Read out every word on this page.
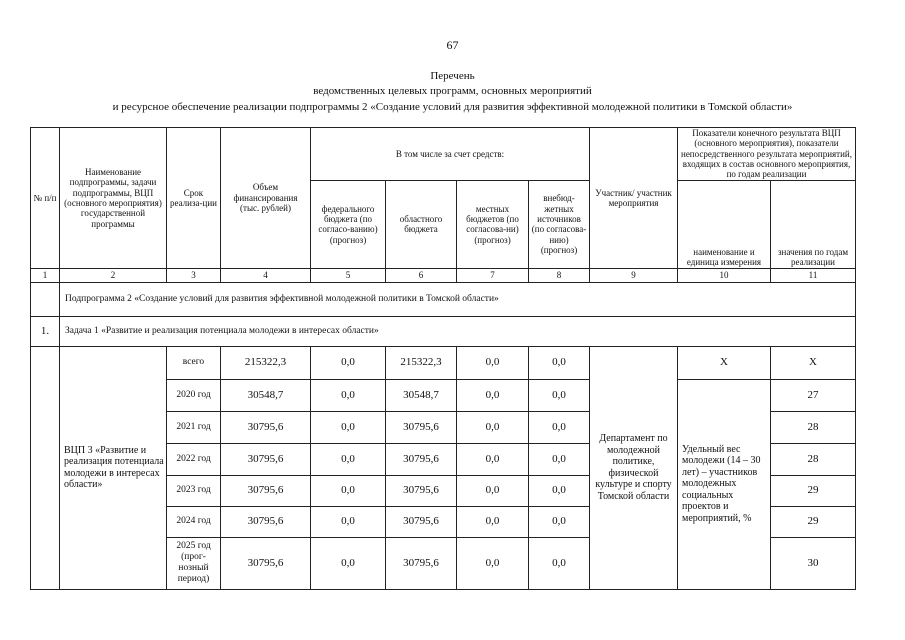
67
Перечень
ведомственных целевых программ, основных мероприятий
и ресурсное обеспечение реализации подпрограммы 2 «Создание условий для развития эффективной молодежной политики в Томской области»
№ п/п	Наименование подпрограммы, задачи подпрограммы, ВЦП (основного мероприятия) государственной программы	Срок реализа-ции	Объем финансирования (тыс. рублей)	В том числе за счет средств:				Участник/ участник мероприятия	Показатели конечного результата ВЦП (основного мероприятия), показатели непосредственного результата мероприятий, входящих в состав основного мероприятия, по годам реализации	
				федерального бюджета (по согласо-ванию) (прогноз)	областного бюджета	местных бюджетов (по согласова-ни) (прогноз)	внебюд-жетных источников (по согласова-нию) (прогноз)		наименование и единица измерения	значения по годам реализации
1	2	3	4	5	6	7	8	9	10	11
	Подпрограмма 2 «Создание условий для развития эффективной молодежной политики в Томской области»									
1.	Задача 1 «Развитие и реализация потенциала молодежи в интересах области»									
	ВЦП 3 «Развитие и реализация потенциала молодежи в интересах области»	всего	215322,3	0,0	215322,3	0,0	0,0	Департамент по молодежной политике, физической культуре и спорту Томской области	Х	Х
		2020 год	30548,7	0,0	30548,7	0,0	0,0		Удельный вес молодежи (14 – 30 лет) – участников молодежных социальных проектов и мероприятий, %	27
		2021 год	30795,6	0,0	30795,6	0,0	0,0			28
		2022 год	30795,6	0,0	30795,6	0,0	0,0			28
		2023 год	30795,6	0,0	30795,6	0,0	0,0			29
		2024 год	30795,6	0,0	30795,6	0,0	0,0			29
		2025 год (прог-нозный период)	30795,6	0,0	30795,6	0,0	0,0			30
